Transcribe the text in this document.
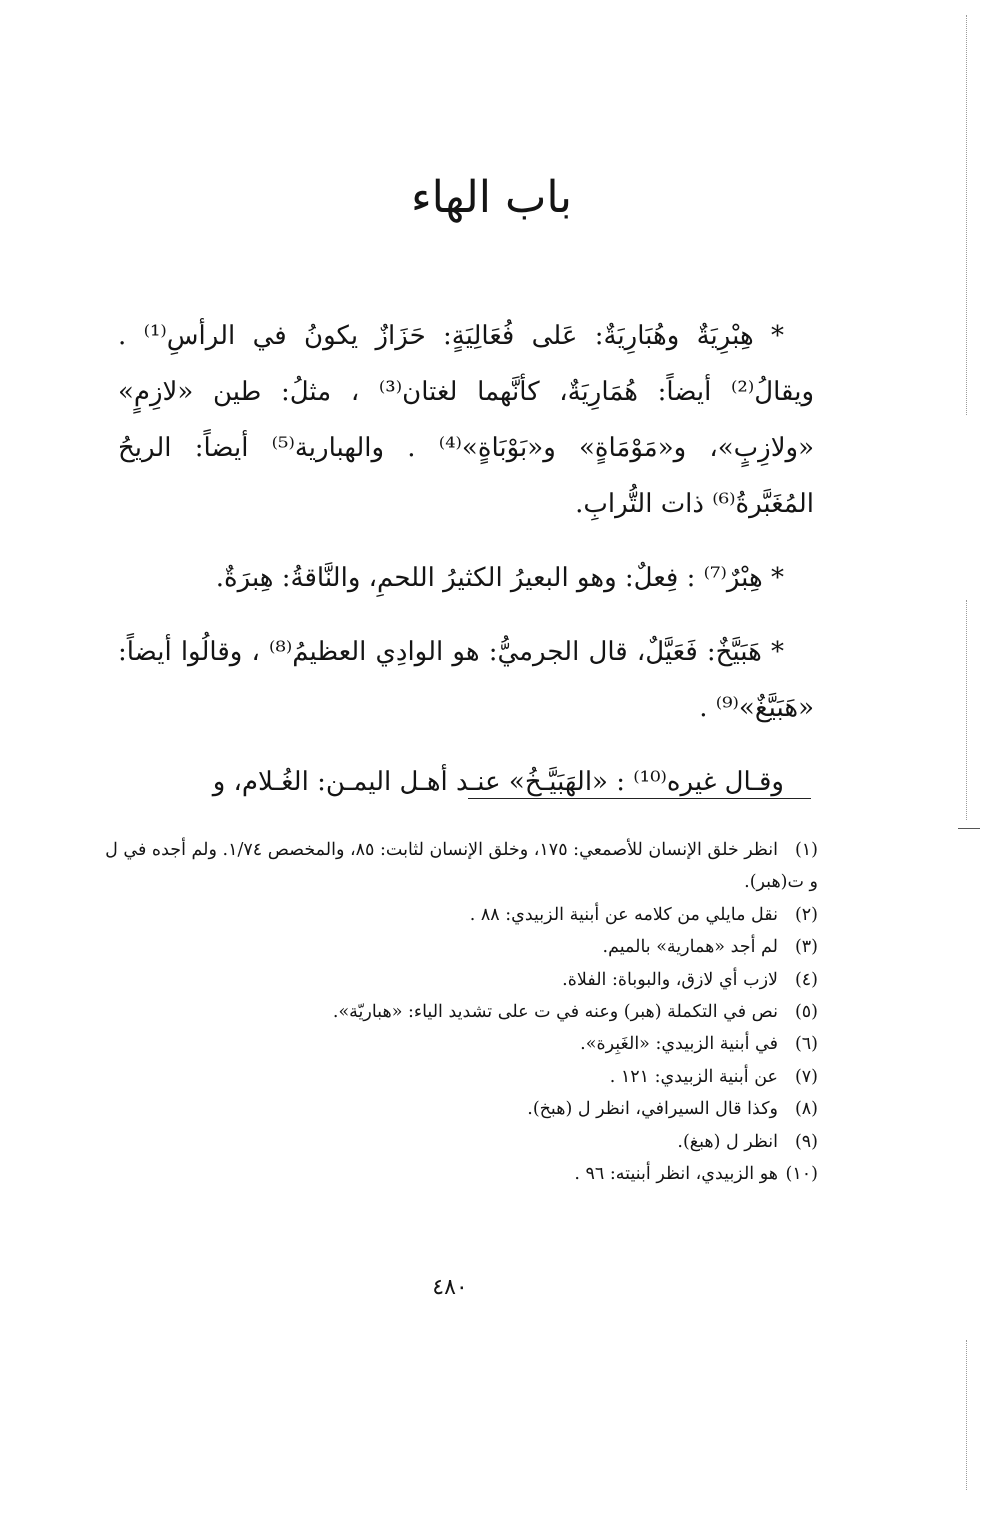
باب الهاء

* هِبْرِيَةٌ وهُبَارِيَةٌ: عَلى فُعَالِيَةٍ: حَزَازٌ يكونُ في الرأسِ⁽¹⁾ . ويقالُ⁽²⁾ أيضاً: هُمَارِيَةٌ، كأنَّهما لغتان⁽³⁾ ، مثلُ: طين «لازِمٍ» «ولازِبٍ»، و«مَوْمَاةٍ» و«بَوْبَاةٍ»⁽⁴⁾ . والهبارية⁽⁵⁾ أيضاً: الريحُ المُغَبَّرةُ⁽⁶⁾ ذات التُّرابِ.

* هِبْرٌ⁽⁷⁾ : فِعلٌ: وهو البعيرُ الكثيرُ اللحمِ، والنَّاقةُ: هِبرَةٌ.

* هَبَيَّخٌ: فَعَيَّلٌ، قال الجرميُّ: هو الوادِي العظيمُ⁽⁸⁾ ، وقالُوا أيضاً: «هَبَيَّغٌ»⁽⁹⁾ .

وقـال غيره⁽¹⁰⁾ : «الهَبَيَّـخُ» عنـد أهـل اليمـن: الغُـلام، و

(١)انظر خلق الإنسان للأصمعي: ١٧٥، وخلق الإنسان لثابت: ٨٥، والمخصص ١/٧٤. ولم أجده في ل و ت(هبر).
(٢)نقل مايلي من كلامه عن أبنية الزبيدي: ٨٨ .
(٣)لم أجد «همارية» بالميم.
(٤)لازب أي لازق، والبوباة: الفلاة.
(٥)نص في التكملة (هبر) وعنه في ت على تشديد الياء: «هباريّة».
(٦)في أبنية الزبيدي: «الغَبِرة».
(٧)عن أبنية الزبيدي: ١٢١ .
(٨)وكذا قال السيرافي، انظر ل (هبخ).
(٩)انظر ل (هبغ).
(١٠)هو الزبيدي، انظر أبنيته: ٩٦ .
٤٨٠
